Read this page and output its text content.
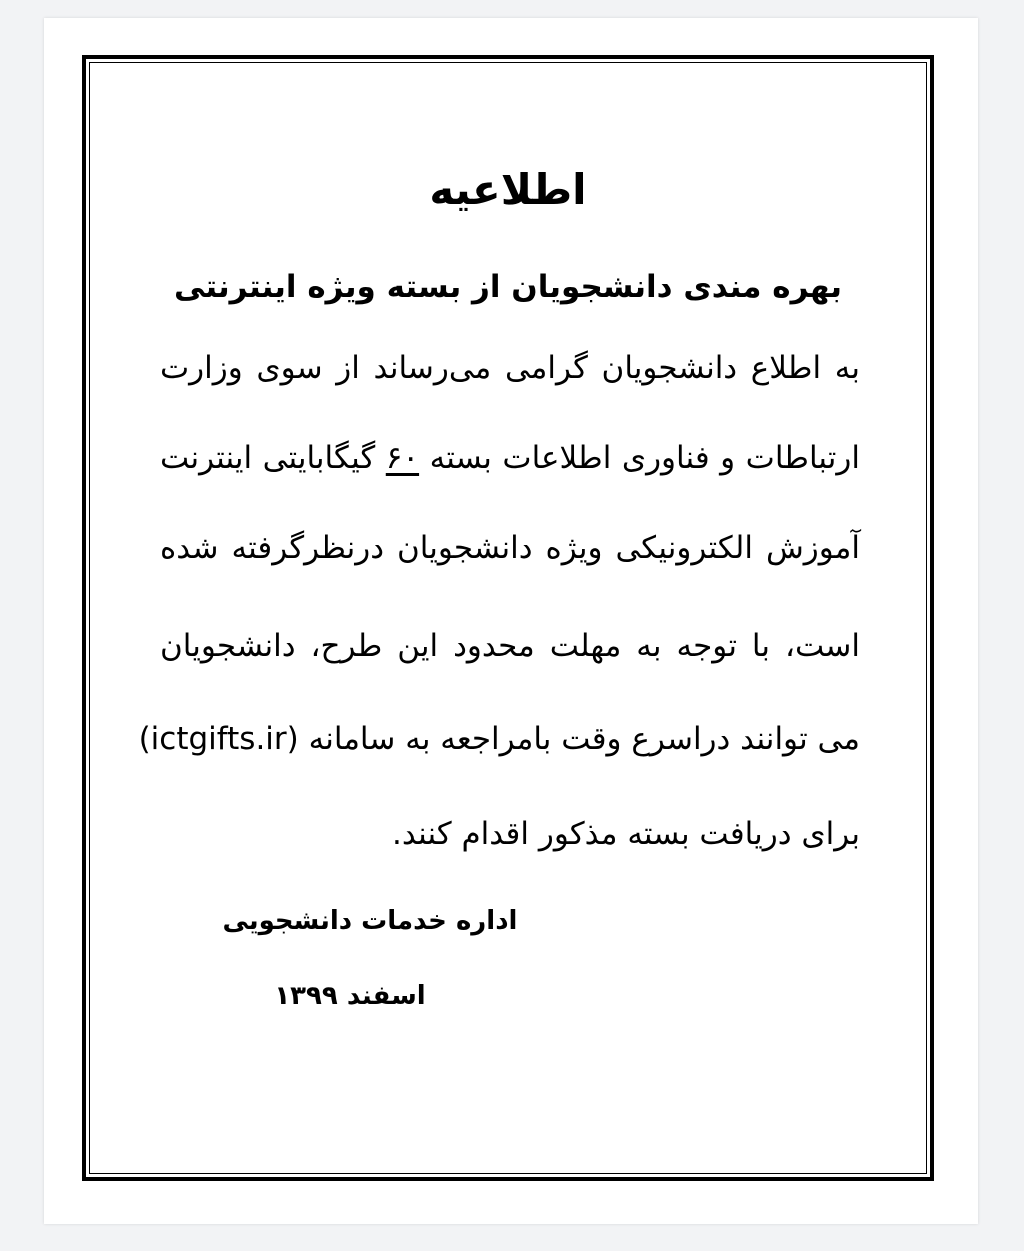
اطلاعیه
بهره مندی دانشجویان از بسته ویژه اینترنتی

به اطلاع دانشجویان گرامی می‌رساند از سوی وزارت

ارتباطات و فناوری اطلاعات بسته ۶۰ گیگابایتی اینترنت

آموزش الکترونیکی ویژه دانشجویان درنظرگرفته شده

است، با توجه به مهلت محدود این طرح، دانشجویان

می توانند دراسرع وقت بامراجعه به سامانه (ictgifts.ir)

برای دریافت بسته مذکور اقدام کنند.

اداره خدمات دانشجویی

اسفند ۱۳۹۹
